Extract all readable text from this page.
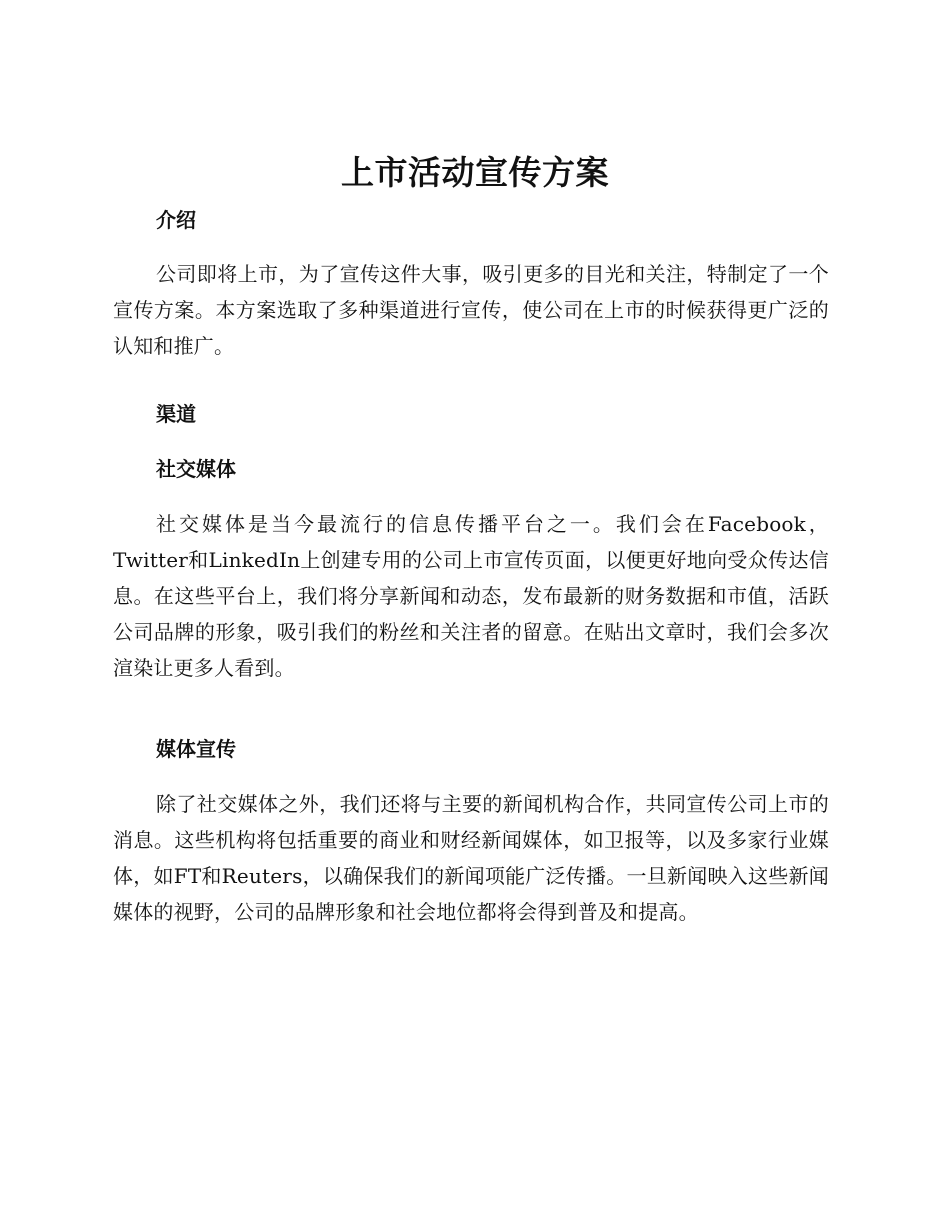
上市活动宣传方案
介绍

公司即将上市，为了宣传这件大事，吸引更多的目光和关注，特制定了一个宣传方案。本方案选取了多种渠道进行宣传，使公司在上市的时候获得更广泛的认知和推广。

渠道
社交媒体

社交媒体是当今最流行的信息传播平台之一。我们会在Facebook，Twitter和LinkedIn上创建专用的公司上市宣传页面，以便更好地向受众传达信息。在这些平台上，我们将分享新闻和动态，发布最新的财务数据和市值，活跃公司品牌的形象，吸引我们的粉丝和关注者的留意。在贴出文章时，我们会多次渲染让更多人看到。

媒体宣传

除了社交媒体之外，我们还将与主要的新闻机构合作，共同宣传公司上市的消息。这些机构将包括重要的商业和财经新闻媒体，如卫报等，以及多家行业媒体，如FT和Reuters，以确保我们的新闻项能广泛传播。一旦新闻映入这些新闻媒体的视野，公司的品牌形象和社会地位都将会得到普及和提高。
